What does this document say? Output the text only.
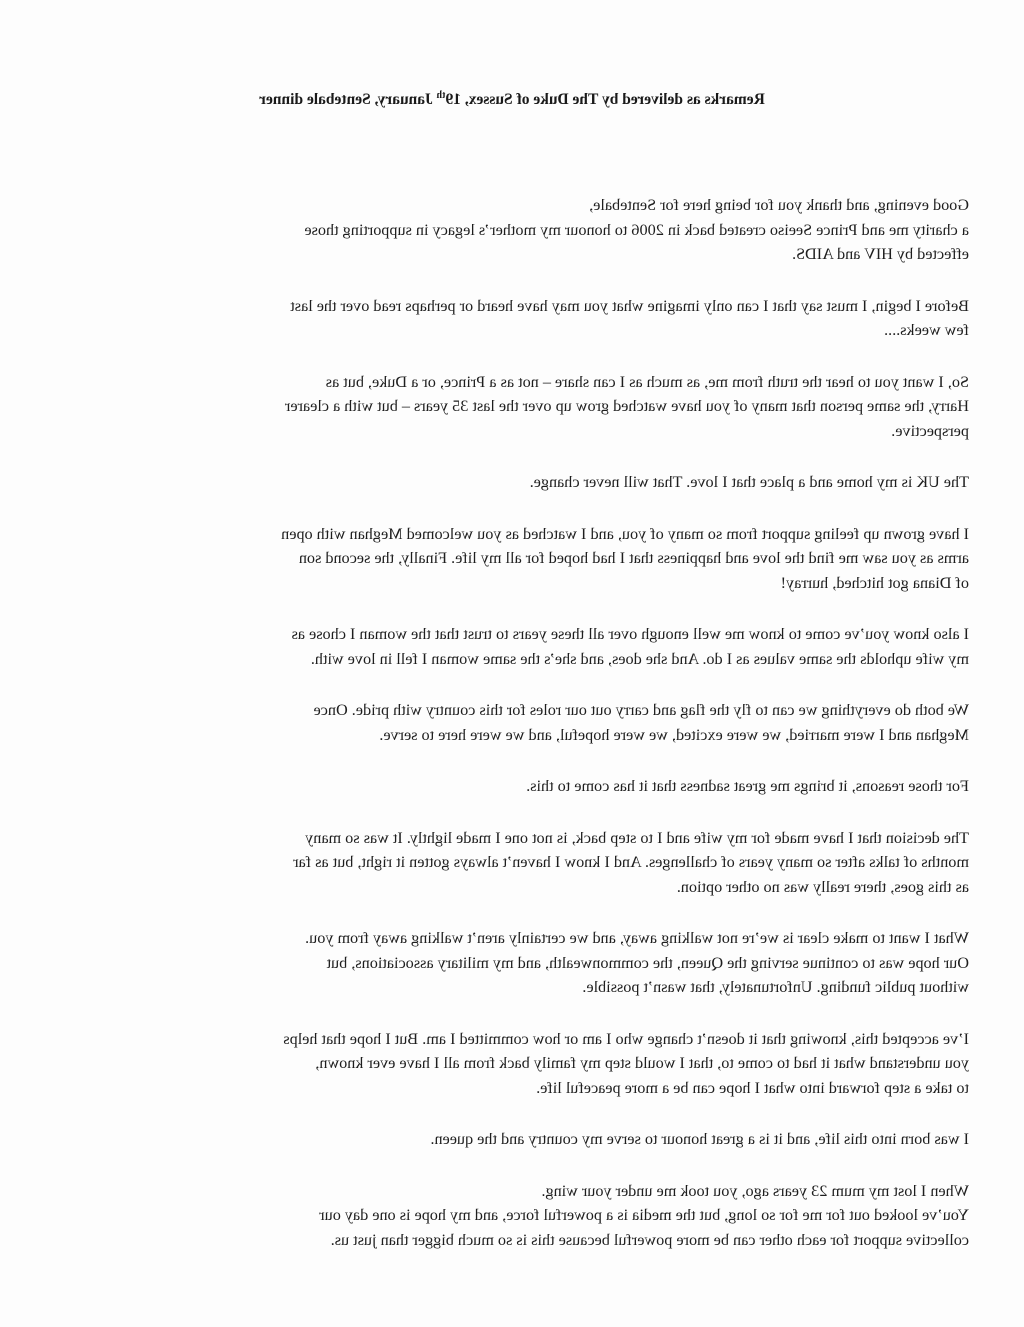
Remarks as delivered by The Duke of Sussex, 19th January, Sentebale dinner
Good evening, and thank you for being here for Sentebale,
a charity me and Prince Seeiso created back in 2006 to honour my mother’s legacy in supporting those
effected by HIV and AIDS.
Before I begin, I must say that I can only imagine what you may have heard or perhaps read over the last
few weeks....
So, I want you to hear the truth from me, as much as I can share – not as a Prince, or a Duke, but as
Harry, the same person that many of you have watched grow up over the last 35 years – but with a clearer
perspective.
The UK is my home and a place that I love. That will never change.
I have grown up feeling support from so many of you, and I watched as you welcomed Meghan with open
arms as you saw me find the love and happiness that I had hoped for all my life. Finally, the second son
of Diana got hitched, hurray!
I also know you’ve come to know me well enough over all these years to trust that the woman I chose as
my wife upholds the same values as I do. And she does, and she’s the same woman I fell in love with.
We both do everything we can to fly the flag and carry out our roles for this country with pride. Once
Meghan and I were married, we were excited, we were hopeful, and we were here to serve.
For those reasons, it brings me great sadness that it has come to this.
The decision that I have made for my wife and I to step back, is not one I made lightly. It was so many
months of talks after so many years of challenges. And I know I haven’t always gotten it right, but as far
as this goes, there really was no other option.
What I want to make clear is we’re not walking away, and we certainly aren’t walking away from you.
Our hope was to continue serving the Queen, the commonwealth, and my military associations, but
without public funding. Unfortunately, that wasn’t possible.
I’ve accepted this, knowing that it doesn’t change who I am or how committed I am. But I hope that helps
you understand what it had to come to, that I would step my family back from all I have ever known,
to take a step forward into what I hope can be a more peaceful life.
I was born into this life, and it is a great honour to serve my country and the queen.
When I lost my mum 23 years ago, you took me under your wing.
You’ve looked out for me for so long, but the media is a powerful force, and my hope is one day our
collective support for each other can be more powerful because this is so much bigger than just us.
